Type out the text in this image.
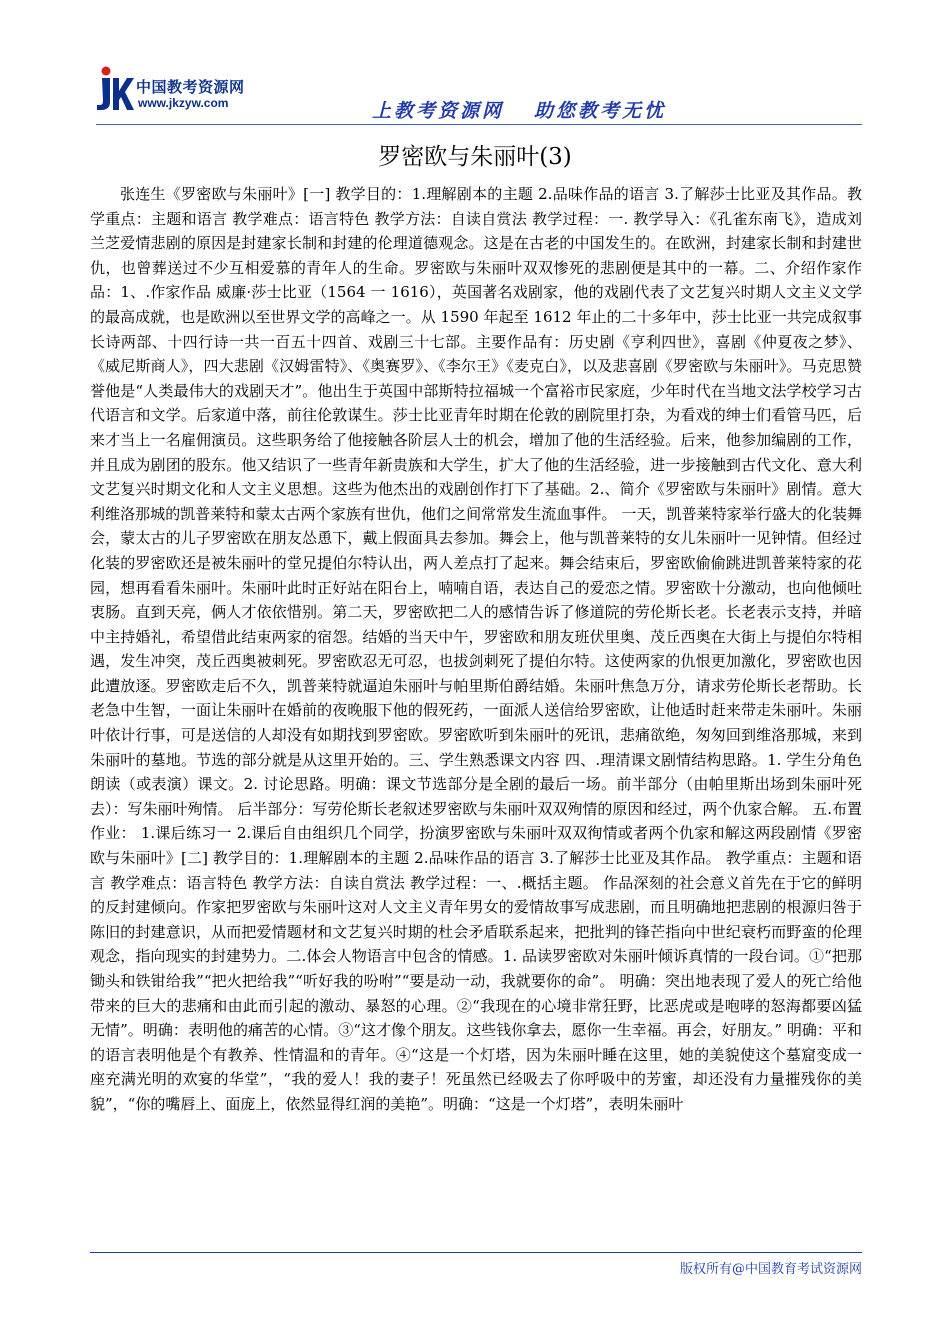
中国教考资源网
www.jkzyw.com	上教考资源网 助您教考无忧
罗密欧与朱丽叶(3)

张连生《罗密欧与朱丽叶》[一] 教学目的：1.理解剧本的主题 2.品味作品的语言 3.了解莎士比亚及其作品。教学重点：主题和语言 教学难点：语言特色 教学方法：自读自赏法 教学过程：一. 教学导入：《孔雀东南飞》，造成刘兰芝爱情悲剧的原因是封建家长制和封建的伦理道德观念。这是在古老的中国发生的。在欧洲，封建家长制和封建世仇，也曾葬送过不少互相爱慕的青年人的生命。罗密欧与朱丽叶双双惨死的悲剧便是其中的一幕。二、介绍作家作品：1、.作家作品 威廉·莎士比亚（1564 一 1616），英国著名戏剧家，他的戏剧代表了文艺复兴时期人文主义文学的最高成就，也是欧洲以至世界文学的高峰之一。从 1590 年起至 1612 年止的二十多年中，莎士比亚一共完成叙事长诗两部、十四行诗一共一百五十四首、戏剧三十七部。主要作品有：历史剧《亨利四世》，喜剧《仲夏夜之梦》、《威尼斯商人》，四大悲剧《汉姆雷特》、《奥赛罗》、《李尔王》《麦克白》，以及悲喜剧《罗密欧与朱丽叶》。马克思赞誉他是“人类最伟大的戏剧天才”。他出生于英国中部斯特拉福城一个富裕市民家庭，少年时代在当地文法学校学习古代语言和文学。后家道中落，前往伦敦谋生。莎士比亚青年时期在伦敦的剧院里打杂，为看戏的绅士们看管马匹，后来才当上一名雇佣演员。这些职务给了他接触各阶层人士的机会，增加了他的生活经验。后来，他参加编剧的工作，并且成为剧团的股东。他又结识了一些青年新贵族和大学生，扩大了他的生活经验，进一步接触到古代文化、意大利文艺复兴时期文化和人文主义思想。这些为他杰出的戏剧创作打下了基础。2.、简介《罗密欧与朱丽叶》剧情。意大利维洛那城的凯普莱特和蒙太古两个家族有世仇，他们之间常常发生流血事件。 一天，凯普莱特家举行盛大的化装舞会，蒙太古的儿子罗密欧在朋友怂恿下，戴上假面具去参加。舞会上，他与凯普莱特的女儿朱丽叶一见钟情。但经过化装的罗密欧还是被朱丽叶的堂兄提伯尔特认出，两人差点打了起来。舞会结束后，罗密欧偷偷跳进凯普莱特家的花园，想再看看朱丽叶。朱丽叶此时正好站在阳台上，喃喃自语，表达自己的爱恋之情。罗密欧十分激动，也向他倾吐衷肠。直到天亮，俩人才依依惜别。第二天，罗密欧把二人的感情告诉了修道院的劳伦斯长老。长老表示支持，并暗中主持婚礼，希望借此结束两家的宿怨。结婚的当天中午，罗密欧和朋友班伏里奥、茂丘西奥在大街上与提伯尔特相遇，发生冲突，茂丘西奥被刺死。罗密欧忍无可忍，也拔剑刺死了提伯尔特。这使两家的仇恨更加激化，罗密欧也因此遭放逐。罗密欧走后不久，凯普莱特就逼迫朱丽叶与帕里斯伯爵结婚。朱丽叶焦急万分，请求劳伦斯长老帮助。长老急中生智，一面让朱丽叶在婚前的夜晚服下他的假死药，一面派人送信给罗密欧，让他适时赶来带走朱丽叶。朱丽叶依计行事，可是送信的人却没有如期找到罗密欧。罗密欧听到朱丽叶的死讯，悲痛欲绝，匆匆回到维洛那城，来到朱丽叶的墓地。节选的部分就是从这里开始的。三、学生熟悉课文内容 四、.理清课文剧情结构思路。1. 学生分角色朗读（或表演）课文。2. 讨论思路。明确：课文节选部分是全剧的最后一场。前半部分（由帕里斯出场到朱丽叶死去）：写朱丽叶殉情。 后半部分：写劳伦斯长老叙述罗密欧与朱丽叶双双殉情的原因和经过，两个仇家合解。 五.布置作业： 1.课后练习一 2.课后自由组织几个同学，扮演罗密欧与朱丽叶双双徇情或者两个仇家和解这两段剧情《罗密欧与朱丽叶》[二] 教学目的：1.理解剧本的主题 2.品味作品的语言 3.了解莎士比亚及其作品。 教学重点：主题和语言 教学难点：语言特色 教学方法：自读自赏法 教学过程：一、.概括主题。 作品深刻的社会意义首先在于它的鲜明的反封建倾向。作家把罗密欧与朱丽叶这对人文主义青年男女的爱情故事写成悲剧，而且明确地把悲剧的根源归咎于陈旧的封建意识，从而把爱情题材和文艺复兴时期的杜会矛盾联系起来，把批判的锋芒指向中世纪衰朽而野蛮的伦理观念，指向现实的封建势力。二.体会人物语言中包含的情感。1. 品读罗密欧对朱丽叶倾诉真情的一段台词。①“把那锄头和铁钳给我”“把火把给我”“听好我的吩咐”“要是动一动，我就要你的命”。 明确：突出地表现了爱人的死亡给他带来的巨大的悲痛和由此而引起的激动、暴怒的心理。②“我现在的心境非常狂野，比恶虎或是咆哮的怒海都要凶猛无情”。明确：表明他的痛苦的心情。③“这才像个朋友。这些钱你拿去，愿你一生幸福。再会，好朋友。” 明确：平和的语言表明他是个有教养、性情温和的青年。④“这是一个灯塔，因为朱丽叶睡在这里，她的美貌使这个墓窟变成一座充满光明的欢宴的华堂”，“我的爱人！我的妻子！死虽然已经吸去了你呼吸中的芳蜜，却还没有力量摧残你的美貌”，“你的嘴唇上、面庞上，依然显得红润的美艳”。明确：“这是一个灯塔”，表明朱丽叶

版权所有@中国教育考试资源网
